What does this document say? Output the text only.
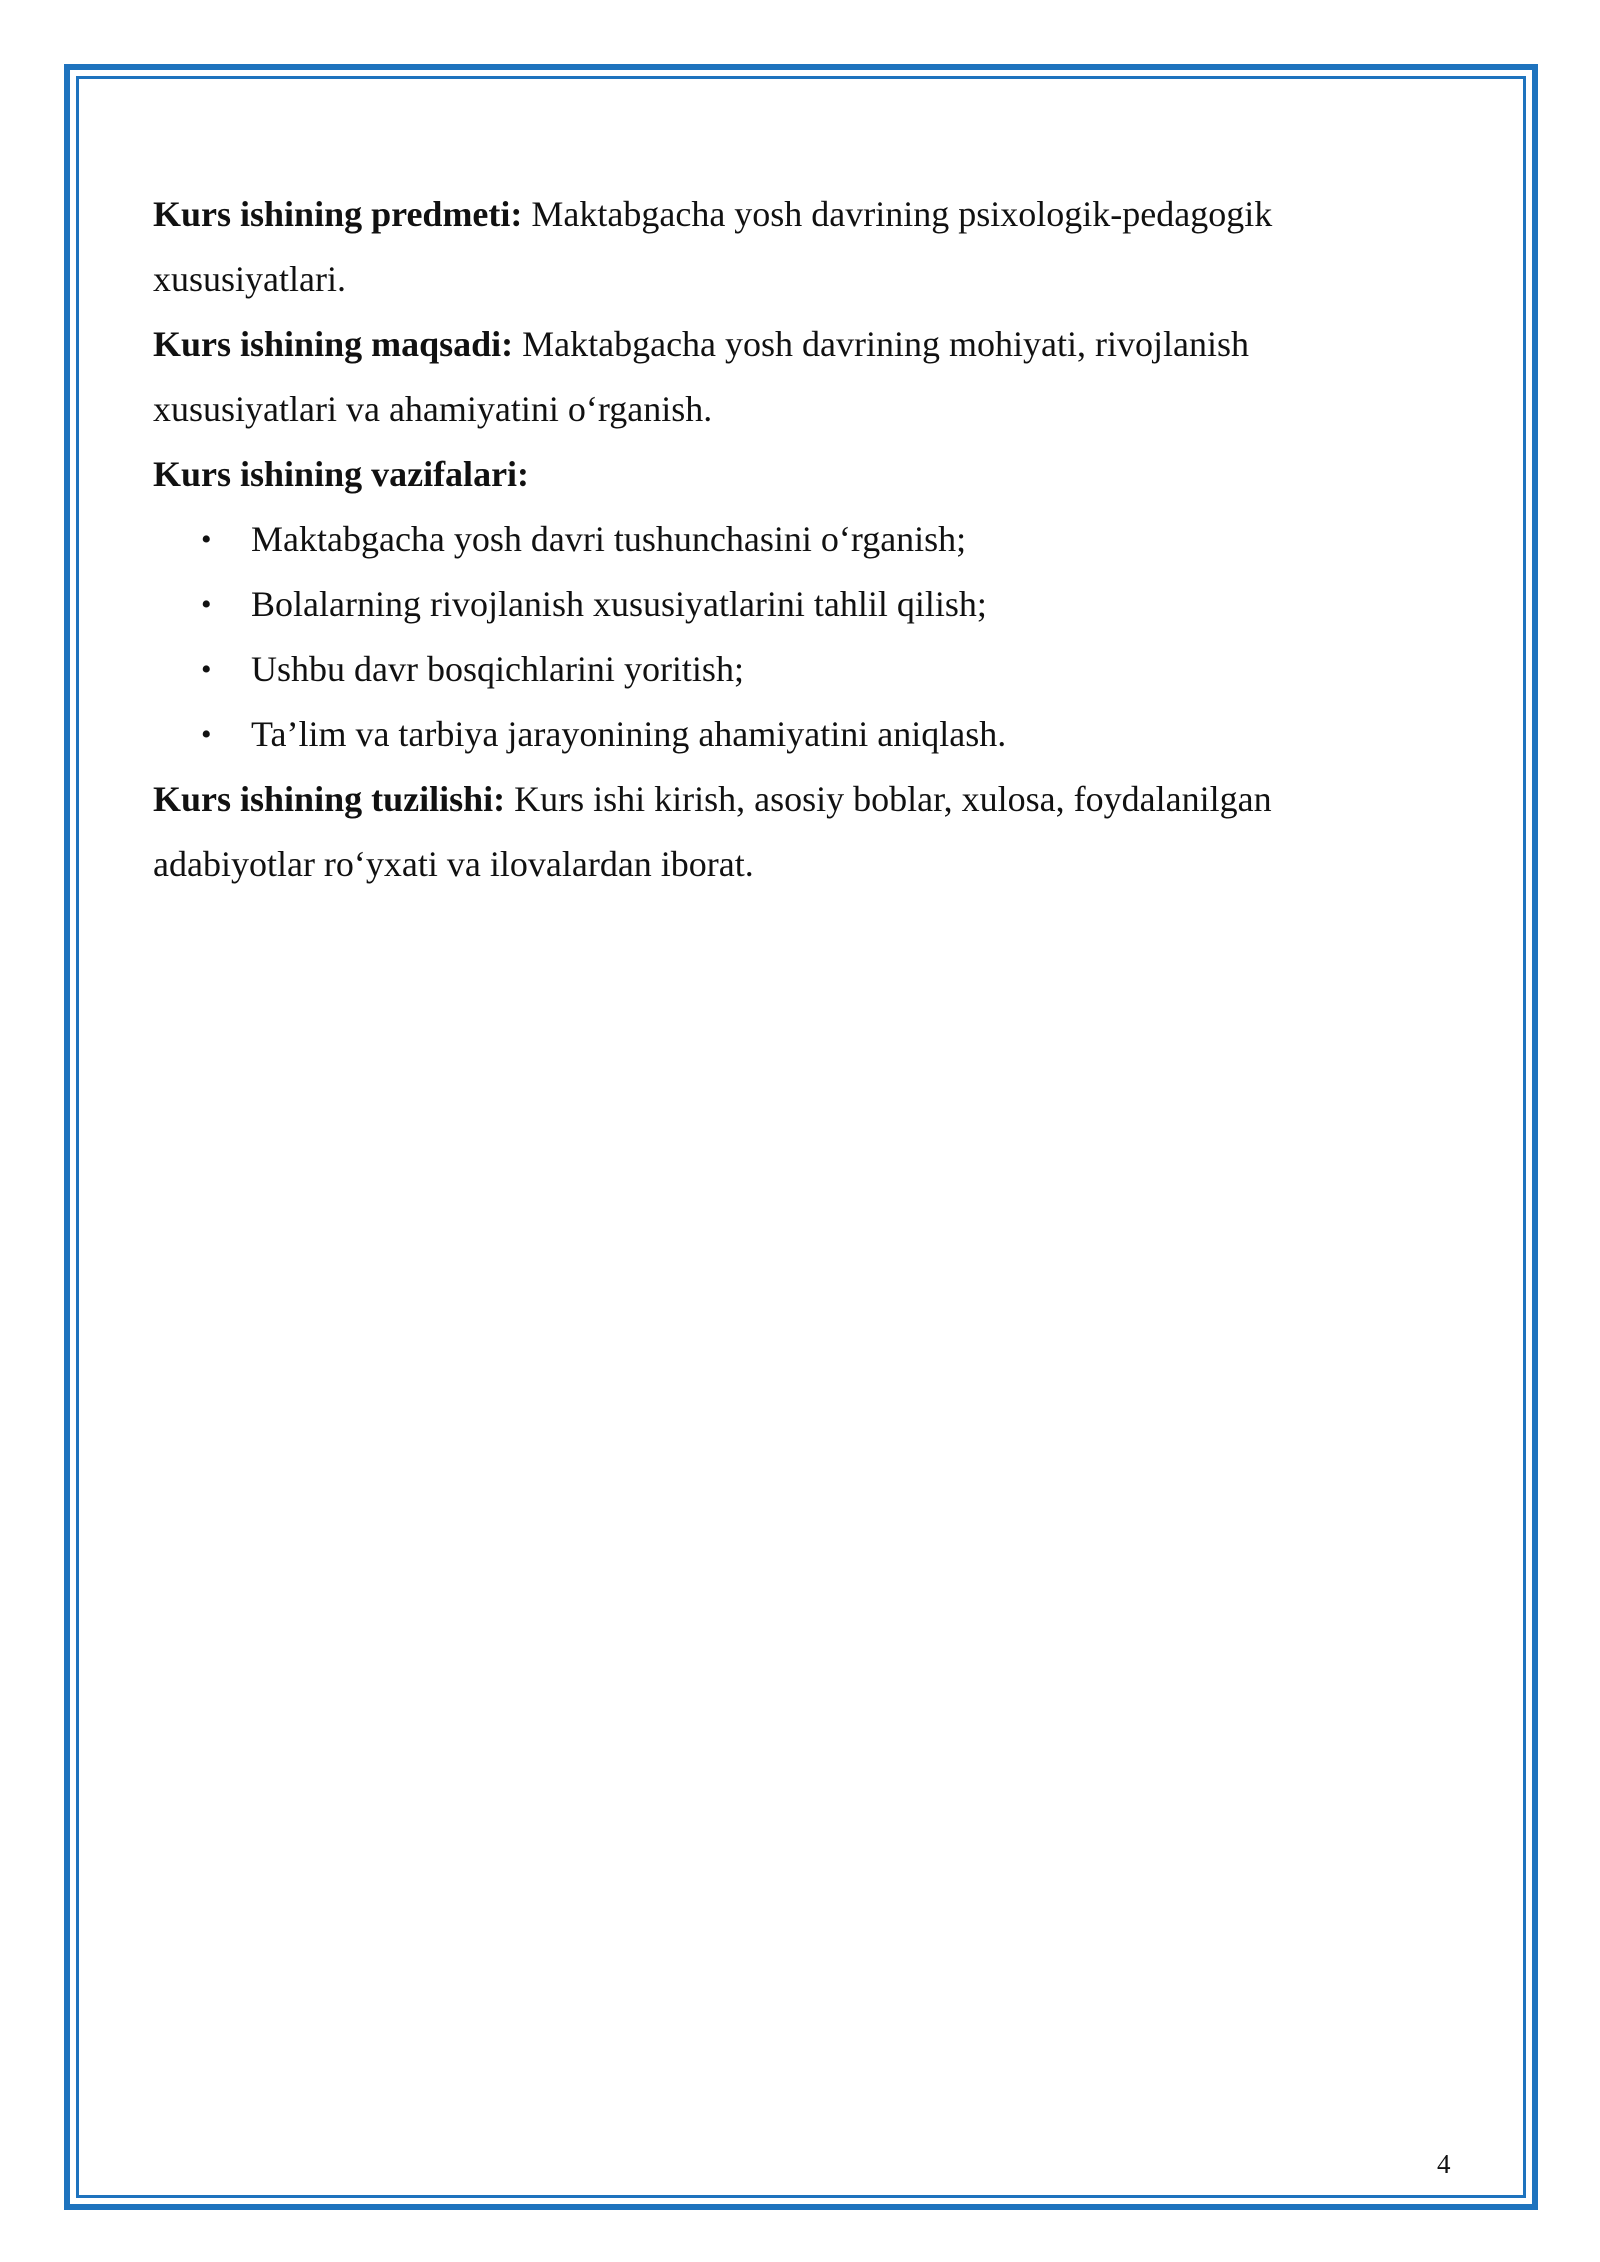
Kurs ishining predmeti: Maktabgacha yosh davrining psixologik-pedagogik xususiyatlari.

Kurs ishining maqsadi: Maktabgacha yosh davrining mohiyati, rivojlanish xususiyatlari va ahamiyatini o‘rganish.

Kurs ishining vazifalari:

• Maktabgacha yosh davri tushunchasini o‘rganish;
• Bolalarning rivojlanish xususiyatlarini tahlil qilish;
• Ushbu davr bosqichlarini yoritish;
• Ta’lim va tarbiya jarayonining ahamiyatini aniqlash.

Kurs ishining tuzilishi: Kurs ishi kirish, asosiy boblar, xulosa, foydalanilgan adabiyotlar ro‘yxati va ilovalardan iborat.

4
